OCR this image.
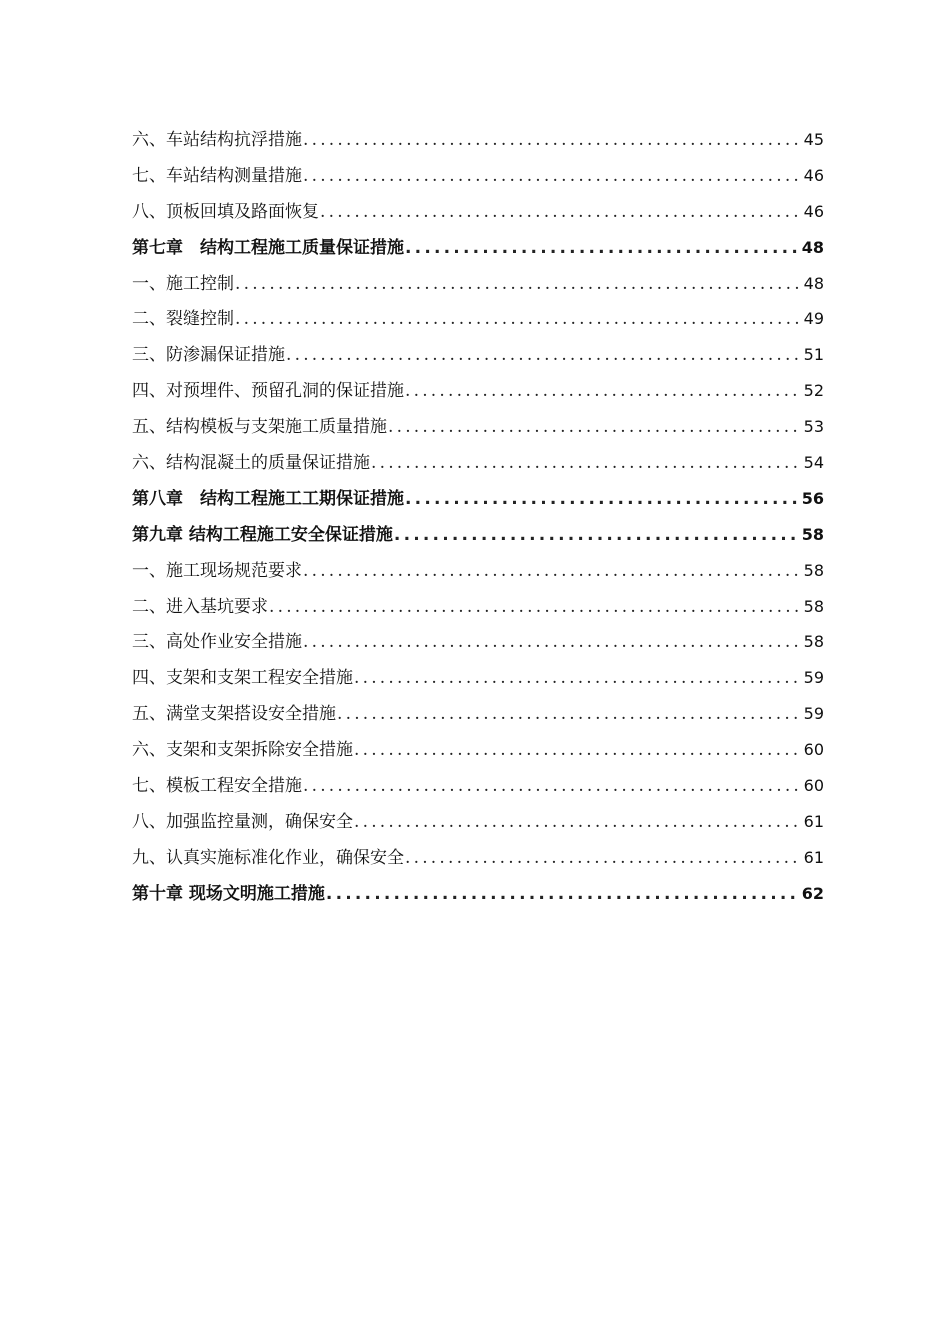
六、车站结构抗浮措施 .....	45
七、车站结构测量措施 .....	46
八、顶板回填及路面恢复 .....	46
第七章　结构工程施工质量保证措施 .....	48
一、施工控制 .....	48
二、裂缝控制 .....	49
三、防渗漏保证措施 .....	51
四、对预埋件、预留孔洞的保证措施 .....	52
五、结构模板与支架施工质量措施 .....	53
六、结构混凝土的质量保证措施 .....	54
第八章　结构工程施工工期保证措施 .....	56
第九章 结构工程施工安全保证措施 .....	58
一、施工现场规范要求 .....	58
二、进入基坑要求 .....	58
三、高处作业安全措施 .....	58
四、支架和支架工程安全措施 .....	59
五、满堂支架搭设安全措施 .....	59
六、支架和支架拆除安全措施 .....	60
七、模板工程安全措施 .....	60
八、加强监控量测，确保安全 .....	61
九、认真实施标准化作业，确保安全 .....	61
第十章 现场文明施工措施 .....	62
